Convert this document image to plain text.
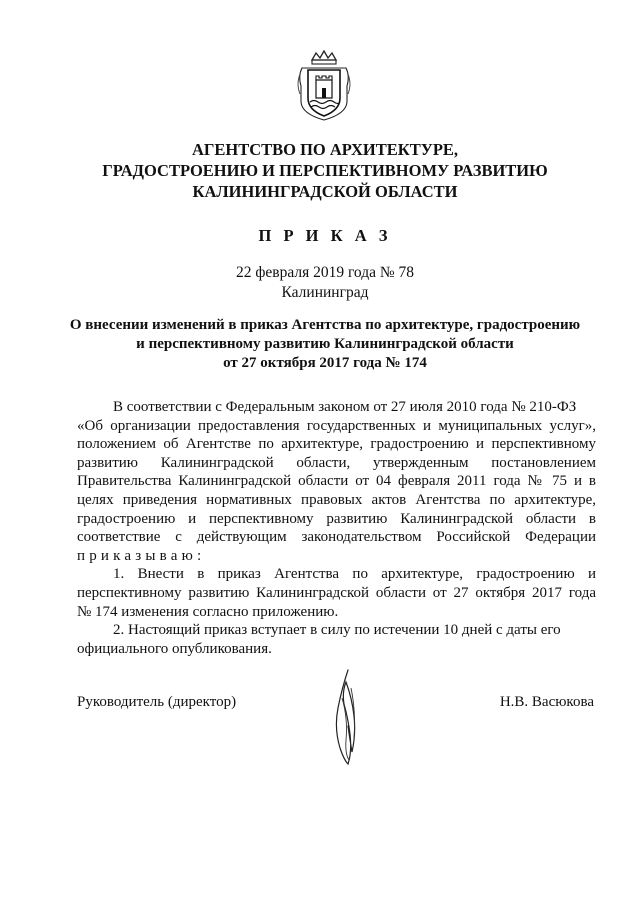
АГЕНТСТВО ПО АРХИТЕКТУРЕ,
ГРАДОСТРОЕНИЮ И ПЕРСПЕКТИВНОМУ РАЗВИТИЮ
КАЛИНИНГРАДСКОЙ ОБЛАСТИ
П Р И К А З
22 февраля 2019 года № 78
Калининград
О внесении изменений в приказ Агентства по архитектуре, градостроению
и перспективному развитию Калининградской области
от 27 октября 2017 года № 174
В соответствии с Федеральным законом от 27 июля 2010 года № 210-ФЗ
«Об организации предоставления государственных и муниципальных услуг»,
положением об Агентстве по архитектуре, градостроению и перспективному
развитию Калининградской области, утвержденным постановлением
Правительства Калининградской области от 04 февраля 2011 года № 75 и в
целях приведения нормативных правовых актов Агентства по архитектуре,
градостроению и перспективному развитию Калининградской области в
соответствие с действующим законодательством Российской Федерации
приказываю:
1. Внести в приказ Агентства по архитектуре, градостроению и
перспективному развитию Калининградской области от 27 октября 2017 года
№ 174 изменения согласно приложению.
2. Настоящий приказ вступает в силу по истечении 10 дней с даты его
официального опубликования.
Руководитель (директор)	Н.В. Васюкова
